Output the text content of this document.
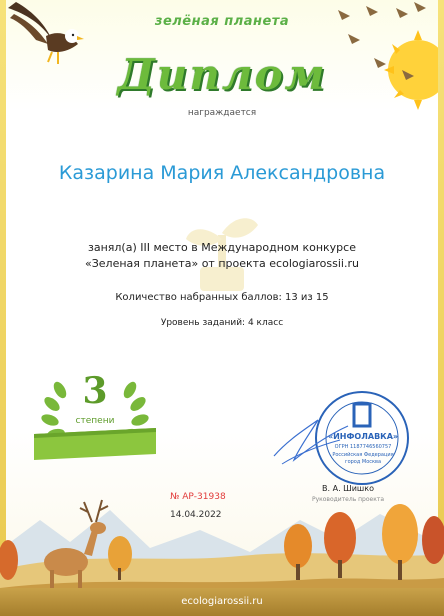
зелёная планета
Диплом
награждается
Казарина Мария Александровна
занял(а) III место в Международном конкурсе
«Зеленая планета» от проекта ecologiarossii.ru
Количество набранных баллов: 13 из 15
Уровень заданий: 4 класс
3
степени
«ИНФОЛАВКА»
ОГРН 1187746560757
Российская Федерация
город Москва
В. А. Шишко
Руководитель проекта
№ АР-31938
14.04.2022
ecologiarossii.ru
